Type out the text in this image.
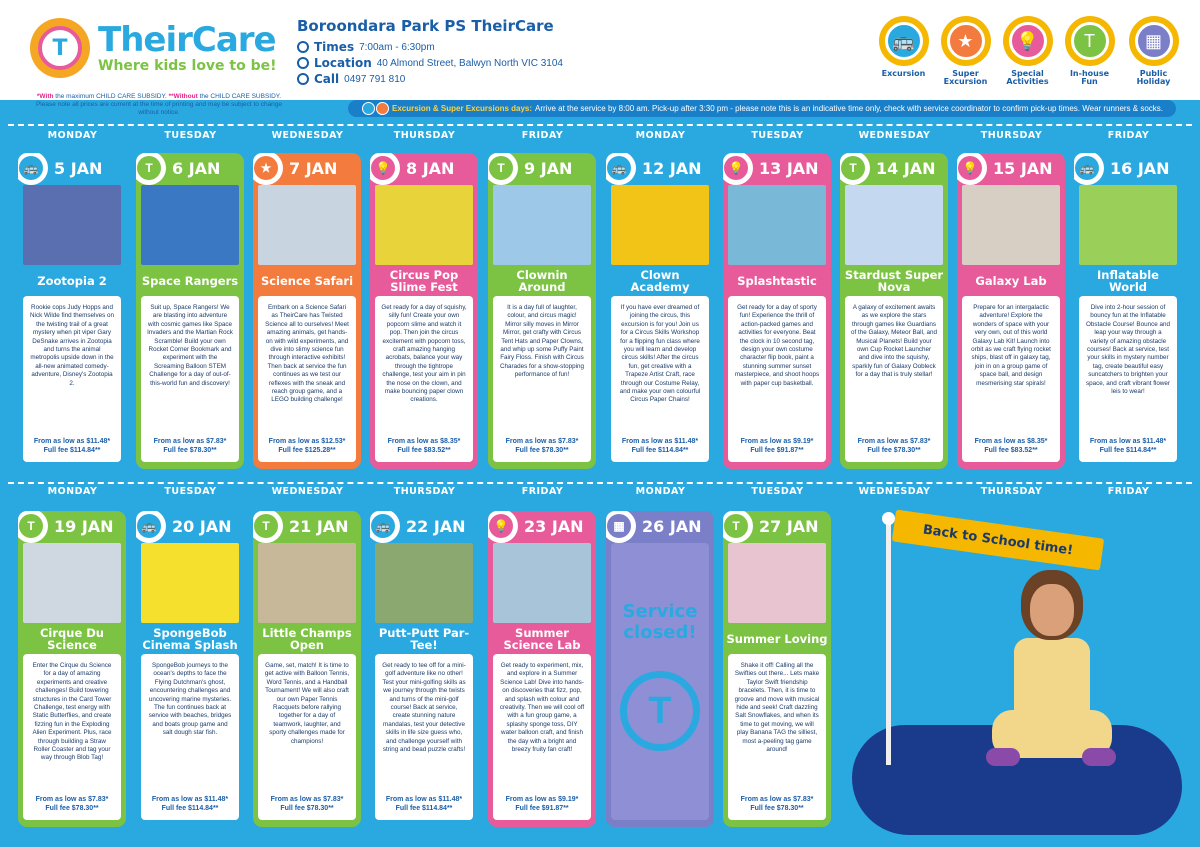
T TheirCare
Where kids love to be!
Boroondara Park PS TheirCare
Times 7:00am - 6:30pm
Location 40 Almond Street, Balwyn North VIC 3104
Call 0497 791 810
🚌
Excursion
★
Super Excursion
💡
Special Activities
T
In-house Fun
▦
Public Holiday
*With the maximum CHILD CARE SUBSIDY. **Without the CHILD CARE SUBSIDY. Please note all prices are current at the time of printing and may be subject to change without notice.	Excursion & Super Excursions days: Arrive at the service by 8:00 am. Pick-up after 3:30 pm - please note this is an indicative time only, check with service coordinator to confirm pick-up times. Wear runners & socks.
MONDAY	TUESDAY	WEDNESDAY	THURSDAY	FRIDAY	MONDAY	TUESDAY	WEDNESDAY	THURSDAY	FRIDAY
🚌 5 JAN
Zootopia 2
Rookie cops Judy Hopps and Nick Wilde find themselves on the twisting trail of a great mystery when pit viper Gary DeSnake arrives in Zootopia and turns the animal metropolis upside down in the all-new animated comedy-adventure, Disney's Zootopia 2.
From as low as $11.48*
Full fee $114.84**
T	6 JAN
Space Rangers
Suit up, Space Rangers! We are blasting into adventure with cosmic games like Space Invaders and the Martian Rock Scramble! Build your own Rocket Corner Bookmark and experiment with the Screaming Balloon STEM Challenge for a day of out-of-this-world fun and discovery!
From as low as $7.83*
Full fee $78.30**
★	7 JAN
Science Safari
Embark on a Science Safari as TheirCare has Twisted Science all to ourselves! Meet amazing animals, get hands-on with wild experiments, and dive into slimy science fun through interactive exhibits! Then back at service the fun continues as we test our reflexes with the sneak and reach group game, and a LEGO building challenge!
From as low as $12.53*
Full fee $125.28**
💡 8 JAN
Circus Pop Slime Fest
Get ready for a day of squishy, silly fun! Create your own popcorn slime and watch it pop. Then join the circus excitement with popcorn toss, craft amazing hanging acrobats, balance your way through the tightrope challenge, test your aim in pin the nose on the clown, and make bouncing paper clown creations.
From as low as $8.35*
Full fee $83.52**
T	9 JAN
Clownin Around
It is a day full of laughter, colour, and circus magic! Mirror silly moves in Mirror Mirror, get crafty with Circus Tent Hats and Paper Clowns, and whip up some Puffy Paint Fairy Floss. Finish with Circus Charades for a show-stopping performance of fun!
From as low as $7.83*
Full fee $78.30**
🚌 12 JAN
Clown Academy
If you have ever dreamed of joining the circus, this excursion is for you! Join us for a Circus Skills Workshop for a flipping fun class where you will learn and develop circus skills! After the circus fun, get creative with a Trapeze Artist Craft, race through our Costume Relay, and make your own colourful Circus Paper Chains!
From as low as $11.48*
Full fee $114.84**
💡 13 JAN
Splashtastic
Get ready for a day of sporty fun! Experience the thrill of action-packed games and activities for everyone. Beat the clock in 10 second tag, design your own costume character flip book, paint a stunning summer sunset masterpiece, and shoot hoops with paper cup basketball.
From as low as $9.19*
Full fee $91.87**
T	14 JAN
Stardust Super Nova
A galaxy of excitement awaits as we explore the stars through games like Guardians of the Galaxy, Meteor Ball, and Musical Planets! Build your own Cup Rocket Launcher and dive into the squishy, sparkly fun of Galaxy Oobleck for a day that is truly stellar!
From as low as $7.83*
Full fee $78.30**
💡 15 JAN
Galaxy Lab
Prepare for an intergalactic adventure! Explore the wonders of space with your very own, out of this world Galaxy Lab Kit! Launch into orbit as we craft flying rocket ships, blast off in galaxy tag, join in on a group game of space ball, and design mesmerising star spirals!
From as low as $8.35*
Full fee $83.52**
🚌 16 JAN
Inflatable World
Dive into 2-hour session of bouncy fun at the Inflatable Obstacle Course! Bounce and leap your way through a variety of amazing obstacle courses! Back at service, test your skills in mystery number tag, create beautiful easy suncatchers to brighten your space, and craft vibrant flower leis to wear!
From as low as $11.48*
Full fee $114.84**
MONDAY	TUESDAY	WEDNESDAY	THURSDAY	FRIDAY	MONDAY	TUESDAY	WEDNESDAY	THURSDAY	FRIDAY
T	19 JAN
Cirque Du Science
Enter the Cirque du Science for a day of amazing experiments and creative challenges! Build towering structures in the Card Tower Challenge, test energy with Static Butterflies, and create fizzing fun in the Exploding Alien Experiment. Plus, race through building a Straw Roller Coaster and tag your way through Blob Tag!
From as low as $7.83*
Full fee $78.30**
🚌 20 JAN
SpongeBob Cinema Splash
SpongeBob journeys to the ocean's depths to face the Flying Dutchman's ghost, encountering challenges and uncovering marine mysteries. The fun continues back at service with beaches, bridges and boats group game and salt dough star fish.
From as low as $11.48*
Full fee $114.84**
T	21 JAN
Little Champs Open
Game, set, match! It is time to get active with Balloon Tennis, Word Tennis, and a Handball Tournament! We will also craft our own Paper Tennis Racquets before rallying together for a day of teamwork, laughter, and sporty challenges made for champions!
From as low as $7.83*
Full fee $78.30**
🚌 22 JAN
Putt-Putt Par-Tee!
Get ready to tee off for a mini-golf adventure like no other! Test your mini-golfing skills as we journey through the twists and turns of the mini-golf course! Back at service, create stunning nature mandalas, test your detective skills in life size guess who, and challenge yourself with string and bead puzzle crafts!
From as low as $11.48*
Full fee $114.84**
💡 23 JAN
Summer Science Lab
Get ready to experiment, mix, and explore in a Summer Science Lab! Dive into hands-on discoveries that fizz, pop, and splash with colour and creativity. Then we will cool off with a fun group game, a splashy sponge toss, DIY water balloon craft, and finish the day with a bright and breezy fruity fan craft!
From as low as $9.19*
Full fee $91.87**
▦	26 JAN
Service closed!
T
T	27 JAN
Summer Loving
Shake it off! Calling all the Swifties out there... Lets make Taylor Swift friendship bracelets. Then, it is time to groove and move with musical hide and seek! Craft dazzling Salt Snowflakes, and when its time to get moving, we will play Banana TAG the silliest, most a-peeling tag game around!
From as low as $7.83*
Full fee $78.30**
Back to School time!
